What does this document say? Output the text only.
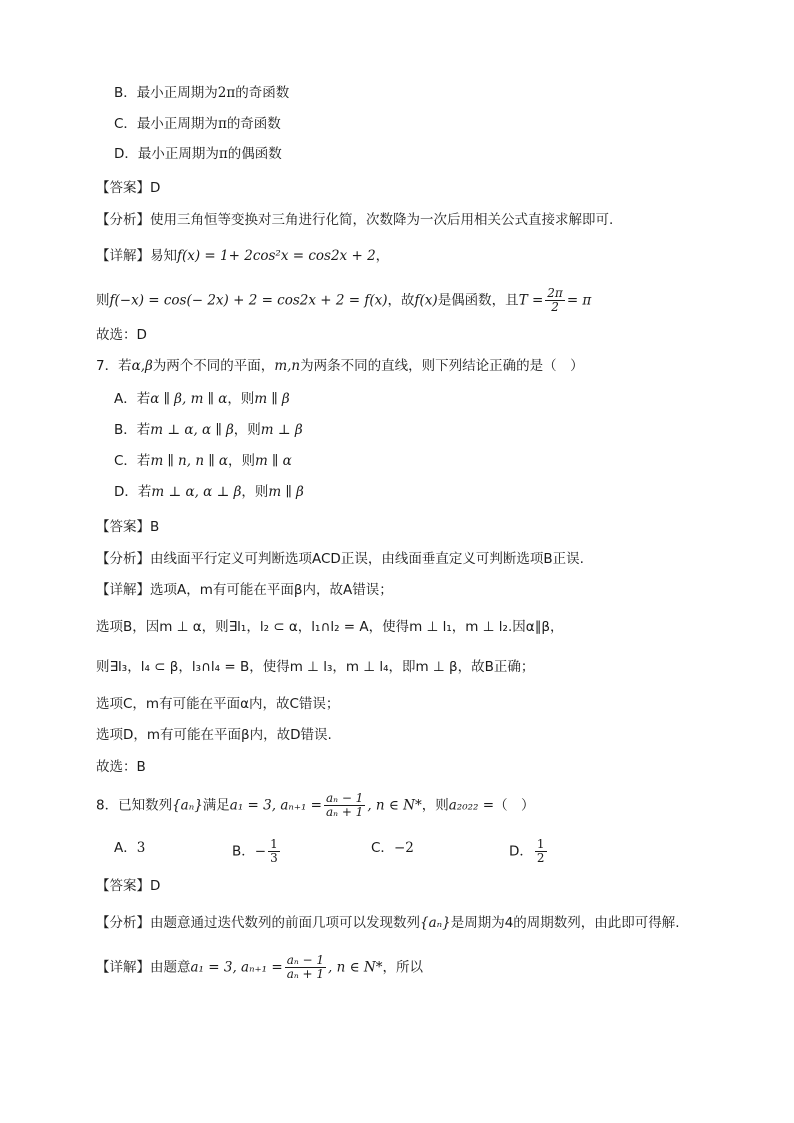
B．最小正周期为2π的奇函数
C．最小正周期为π的奇函数
D．最小正周期为π的偶函数
【答案】D
【分析】使用三角恒等变换对三角进行化简，次数降为一次后用相关公式直接求解即可.
【详解】易知f(x) = 1+ 2cos²x = cos2x + 2，
则f(−x) = cos(− 2x) + 2 = cos2x + 2 = f(x)，故f(x)是偶函数，且$T = \frac{2\pi}{2} = \pi$
故选：D
7．若α,β为两个不同的平面，m,n为两条不同的直线，则下列结论正确的是（　）
A．若α ∥ β, m ∥ α，则m ∥ β
B．若m ⊥ α, α ∥ β，则m ⊥ β
C．若m ∥ n, n ∥ α，则m ∥ α
D．若m ⊥ α, α ⊥ β，则m ∥ β
【答案】B
【分析】由线面平行定义可判断选项ACD正误，由线面垂直定义可判断选项B正误.
【详解】选项A，m有可能在平面β内，故A错误；
选项B，因m ⊥ α，则∃l₁，l₂ ⊂ α，l₁∩l₂ = A，使得m ⊥ l₁，m ⊥ l₂.因α∥β，
则∃l₃，l₄ ⊂ β，l₃∩l₄ = B，使得m ⊥ l₃，m ⊥ l₄，即m ⊥ β，故B正确；
选项C，m有可能在平面α内，故C错误；
选项D，m有可能在平面β内，故D错误.
故选：B
8．已知数列{aₙ}满足a₁ = 3, $a_{n+1} = \frac{\text{aₙ − 1}}{\text{aₙ + 1}}$ , n ∈ N*，则a₂₀₂₂ =（　）
A．3	B．− $\frac{1}{3}$	C．−2	D． $\frac{1}{2}$
【答案】D
【分析】由题意通过迭代数列的前面几项可以发现数列{aₙ}是周期为4的周期数列，由此即可得解.
【详解】由题意a₁ = 3, $a_{n+1} = \frac{\text{aₙ − 1}}{\text{aₙ + 1}}$ , n ∈ N*，所以
